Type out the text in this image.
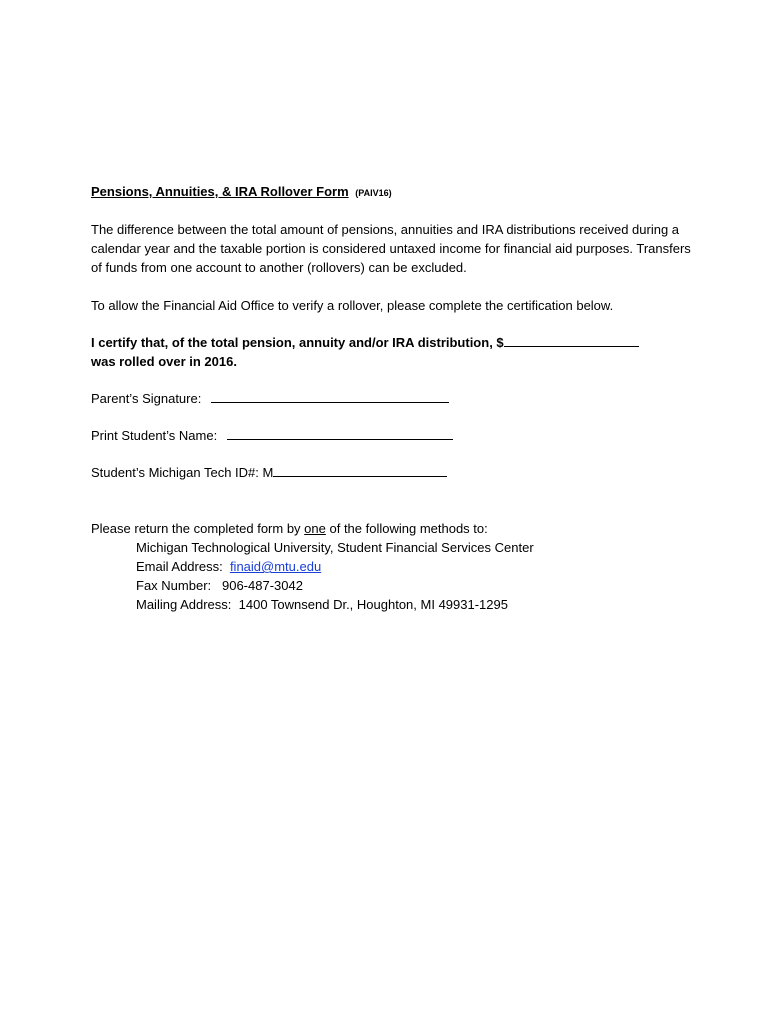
Pensions, Annuities, & IRA Rollover Form (PAIV16)

The difference between the total amount of pensions, annuities and IRA distributions received during a calendar year and the taxable portion is considered untaxed income for financial aid purposes. Transfers of funds from one account to another (rollovers) can be excluded.

To allow the Financial Aid Office to verify a rollover, please complete the certification below.

I certify that, of the total pension, annuity and/or IRA distribution, $
was rolled over in 2016.
Parent’s Signature:
Print Student’s Name:
Student’s Michigan Tech ID#: M
Please return the completed form by one of the following methods to:
Michigan Technological University, Student Financial Services Center
Email Address: finaid@mtu.edu
Fax Number: 906-487-3042
Mailing Address: 1400 Townsend Dr., Houghton, MI 49931-1295
